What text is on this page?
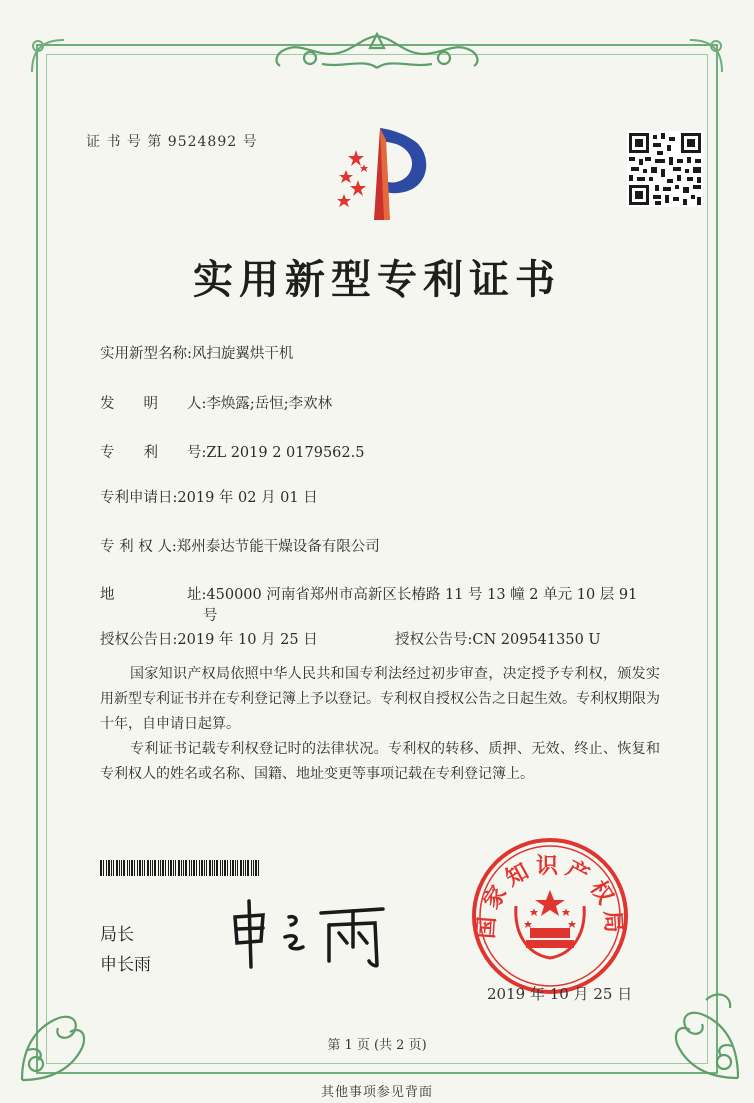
证 书 号 第 9524892 号
实用新型专利证书
实用新型名称:风扫旋翼烘干机
发　　明　　人:李焕露;岳恒;李欢林
专　　利　　号:ZL 2019 2 0179562.5
专利申请日:2019 年 02 月 01 日
专 利 权 人:郑州泰达节能干燥设备有限公司
地　　　　　址:450000 河南省郑州市高新区长椿路 11 号 13 幢 2 单元 10 层 91
号
授权公告日:2019 年 10 月 25 日	授权公告号:CN 209541350 U
国家知识产权局依照中华人民共和国专利法经过初步审查，决定授予专利权，颁发实用新型专利证书并在专利登记簿上予以登记。专利权自授权公告之日起生效。专利权期限为十年，自申请日起算。
专利证书记载专利权登记时的法律状况。专利权的转移、质押、无效、终止、恢复和专利权人的姓名或名称、国籍、地址变更等事项记载在专利登记簿上。
局长
申长雨
国家知识产权局
2019 年 10 月 25 日
第 1 页 (共 2 页)
其他事项参见背面
